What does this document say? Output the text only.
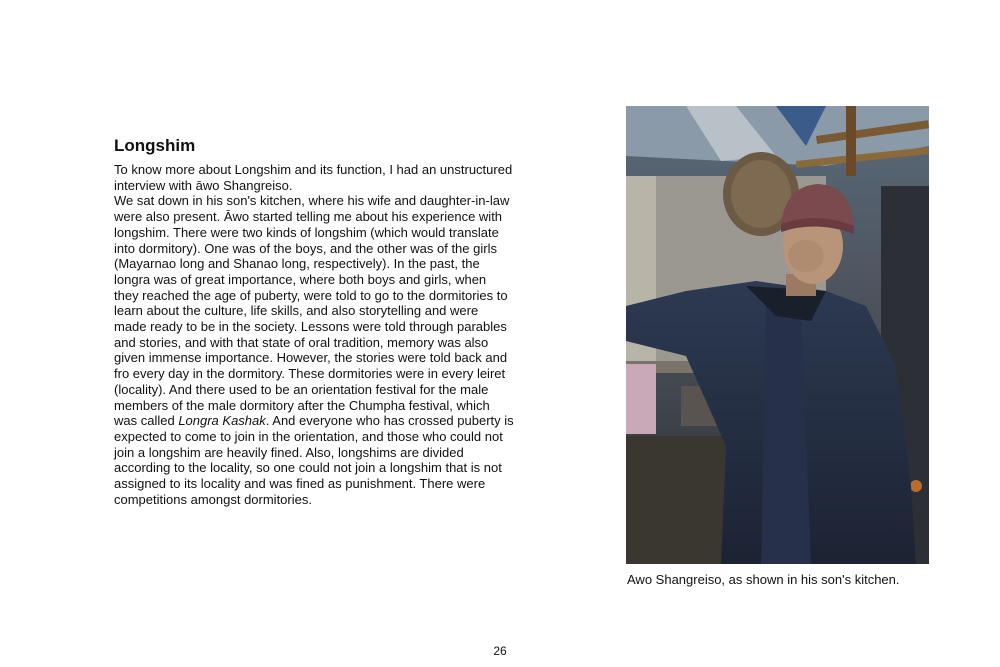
Longshim

To know more about Longshim and its function, I had an unstructured interview with āwo Shangreiso.

We sat down in his son's kitchen, where his wife and daughter-in-law were also present. Āwo started telling me about his experience with longshim. There were two kinds of longshim (which would translate into dormitory). One was of the boys, and the other was of the girls (Mayarnao long and Shanao long, respectively). In the past, the longra was of great importance, where both boys and girls, when they reached the age of puberty, were told to go to the dormitories to learn about the culture, life skills, and also storytelling and were made ready to be in the society. Lessons were told through parables and stories, and with that state of oral tradition, memory was also given immense importance. However, the stories were told back and fro every day in the dormitory. These dormitories were in every leiret (locality). And there used to be an orientation festival for the male members of the male dormitory after the Chumpha festival, which was called Longra Kashak. And everyone who has crossed puberty is expected to come to join in the orientation, and those who could not join a longshim are heavily fined. Also, longshims are divided according to the locality, so one could not join a longshim that is not assigned to its locality and was fined as punishment. There were competitions amongst dormitories.

Awo Shangreiso, as shown in his son's kitchen.
26
